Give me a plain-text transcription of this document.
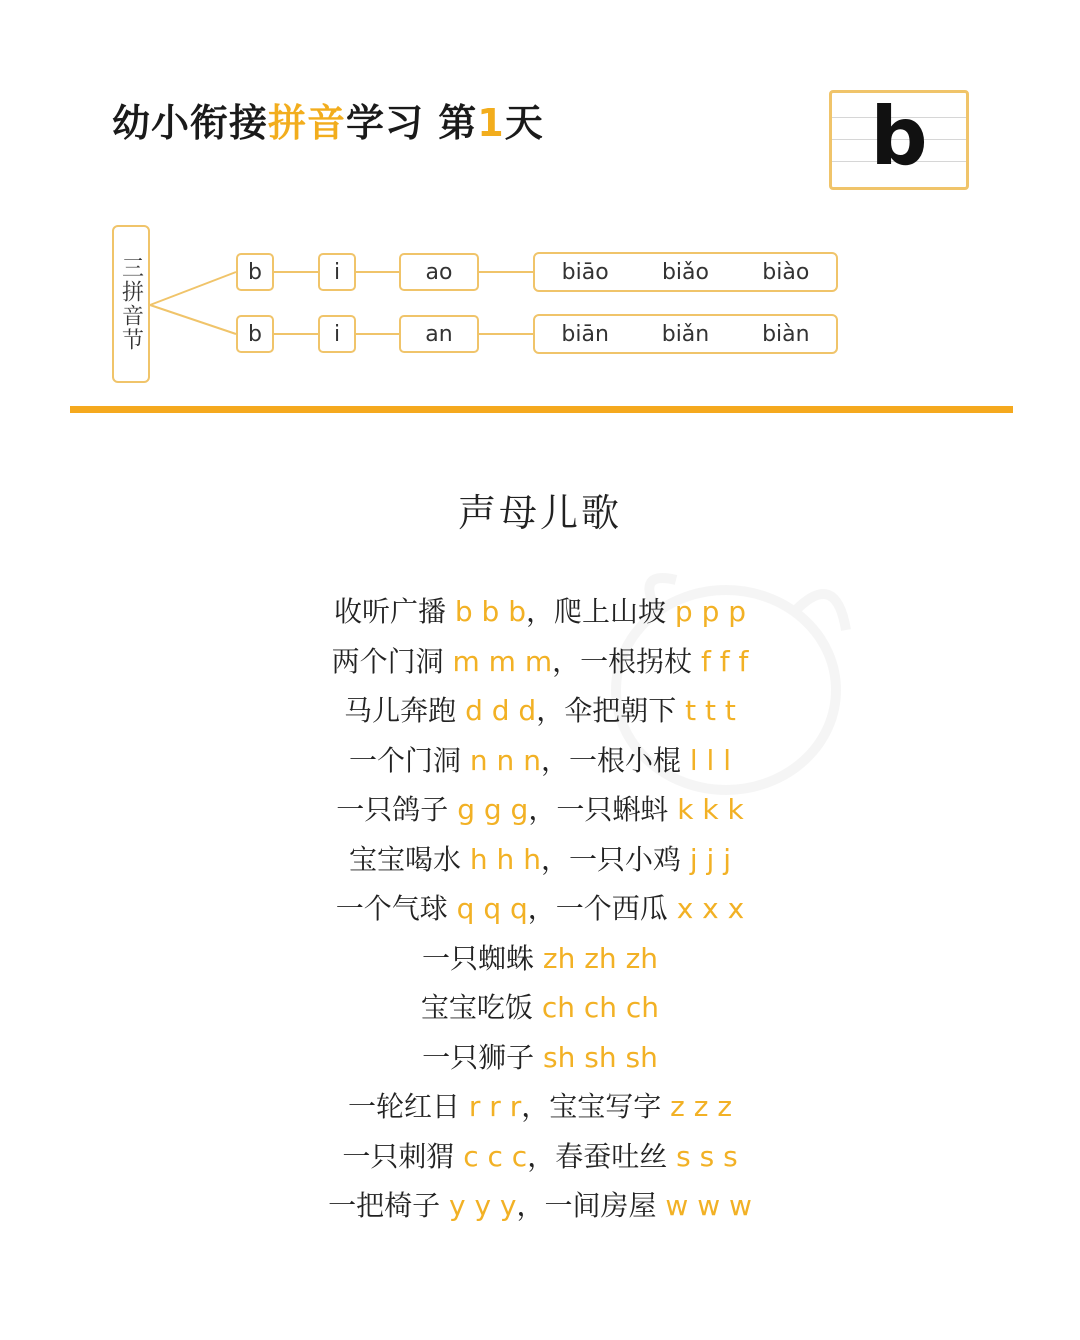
幼小衔接拼音学习 第1天	b
三拼音节	b	i	ao	biāo biǎo biào
b	i	an	biān biǎn biàn
声母儿歌
收听广播 b b b，爬上山坡 p p p
两个门洞 m m m，一根拐杖 f f f
马儿奔跑 d d d，伞把朝下 t t t
一个门洞 n n n，一根小棍 l l l
一只鸽子 g g g，一只蝌蚪 k k k
宝宝喝水 h h h，一只小鸡 j j j
一个气球 q q q，一个西瓜 x x x
一只蜘蛛 zh zh zh
宝宝吃饭 ch ch ch
一只狮子 sh sh sh
一轮红日 r r r，宝宝写字 z z z
一只刺猬 c c c，春蚕吐丝 s s s
一把椅子 y y y，一间房屋 w w w
